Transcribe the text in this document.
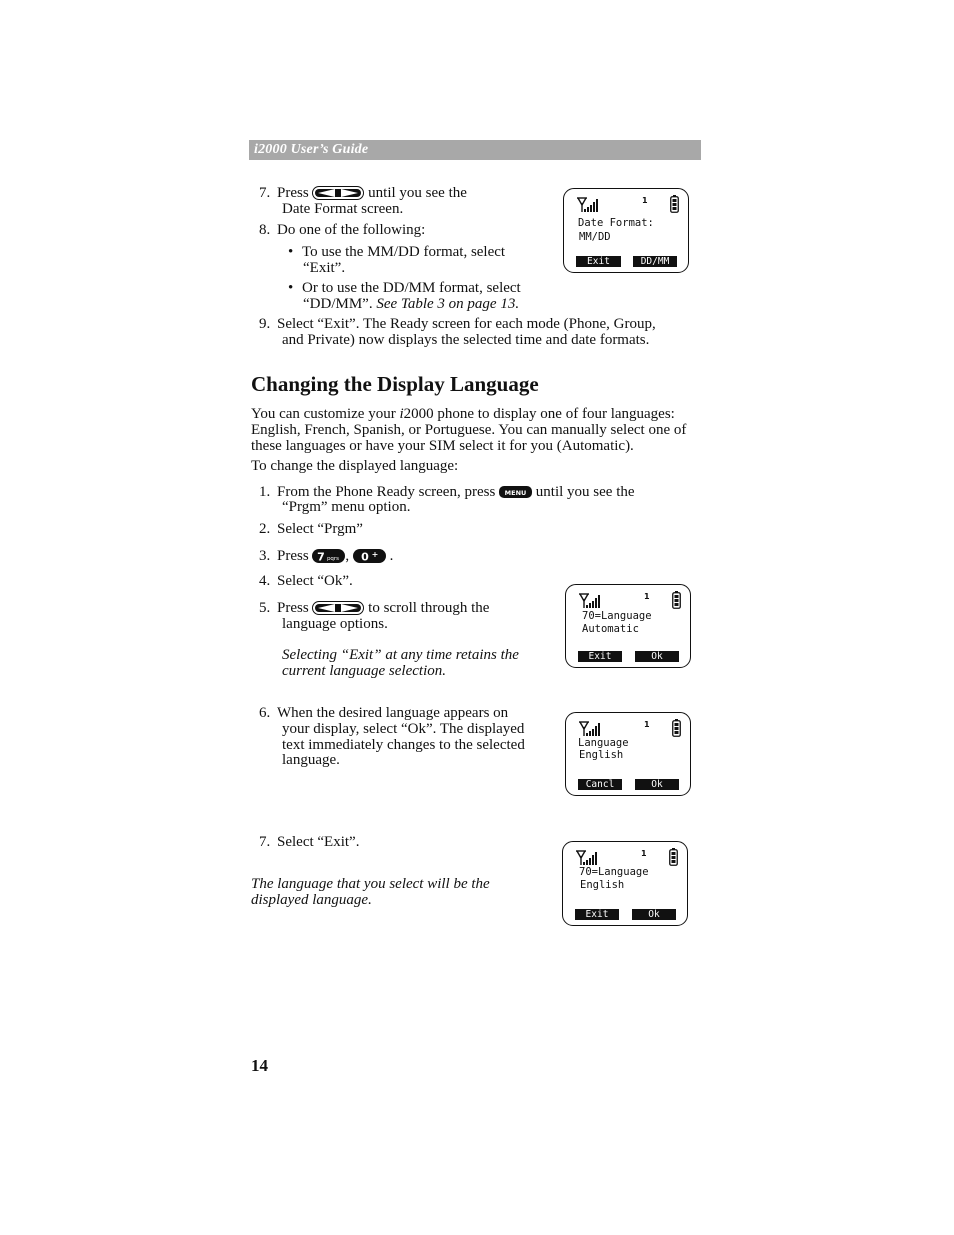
i2000 User’s Guide
7. Press	until you see the
Date Format screen.
8. Do one of the following:
• To use the MM/DD format, select
“Exit”.
• Or to use the DD/MM format, select
“DD/MM”. See Table 3 on page 13.
9. Select “Exit”. The Ready screen for each mode (Phone, Group,
and Private) now displays the selected time and date formats.
Changing the Display Language
You can customize your i2000 phone to display one of four languages:
English, French, Spanish, or Portuguese. You can manually select one of
these languages or have your SIM select it for you (Automatic).
To change the displayed language:
1. From the Phone Ready screen, press MENU until you see the
“Prgm” menu option.
2. Select “Prgm”
3. Press 7 pqrs , 0 + .
4. Select “Ok”.
5. Press	to scroll through the
language options.
Selecting “Exit” at any time retains the
current language selection.
6. When the desired language appears on
your display, select “Ok”. The displayed
text immediately changes to the selected
language.
7. Select “Exit”.
The language that you select will be the
displayed language.
1
Date Format:
MM/DD
Exit	DD/MM
1
70=Language
Automatic
Exit	Ok
1
Language
English
Cancl	Ok
1
70=Language
English
Exit	Ok
14
